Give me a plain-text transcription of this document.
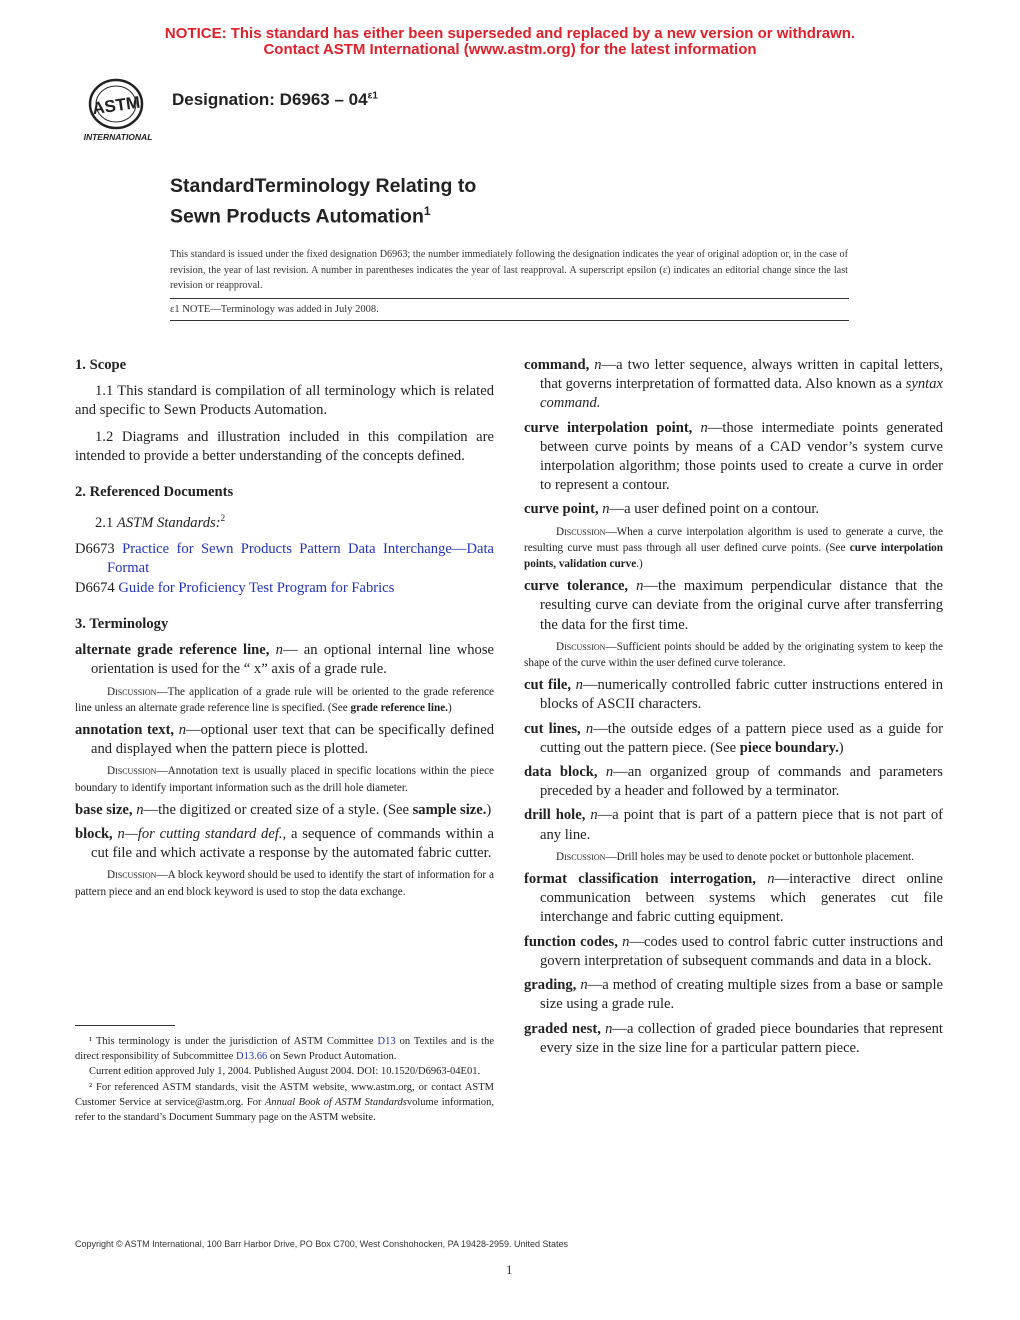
NOTICE: This standard has either been superseded and replaced by a new version or withdrawn.
Contact ASTM International (www.astm.org) for the latest information
ASTM
INTERNATIONAL
Designation: $D6963 - 04^{\varepsilon 1}$
StandardTerminology Relating to
Sewn Products Automation$^1$
This standard is issued under the fixed designation D6963; the number immediately following the designation indicates the year of original adoption or, in the case of revision, the year of last revision. A number in parentheses indicates the year of last reapproval. A superscript epsilon (ε) indicates an editorial change since the last revision or reapproval.
ε1 NOTE—Terminology was added in July 2008.
1. Scope
1.1 This standard is compilation of all terminology which is related and specific to Sewn Products Automation.
1.2 Diagrams and illustration included in this compilation are intended to provide a better understanding of the concepts defined.
2. Referenced Documents
2.1 ASTM Standards:$^2$
D6673 Practice for Sewn Products Pattern Data Interchange—Data Format
D6674 Guide for Proficiency Test Program for Fabrics
3. Terminology
alternate grade reference line, n— an optional internal line whose orientation is used for the “ x” axis of a grade rule.
Discussion—The application of a grade rule will be oriented to the grade reference line unless an alternate grade reference line is specified. (See grade reference line.)
annotation text, n—optional user text that can be specifically defined and displayed when the pattern piece is plotted.
Discussion—Annotation text is usually placed in specific locations within the piece boundary to identify important information such as the drill hole diameter.
base size, n—the digitized or created size of a style. (See sample size.)
block, n—for cutting standard def., a sequence of commands within a cut file and which activate a response by the automated fabric cutter.
Discussion—A block keyword should be used to identify the start of information for a pattern piece and an end block keyword is used to stop the data exchange.
command, n—a two letter sequence, always written in capital letters, that governs interpretation of formatted data. Also known as a syntax command.
curve interpolation point, n—those intermediate points generated between curve points by means of a CAD vendor’s system curve interpolation algorithm; those points used to create a curve in order to represent a contour.
curve point, n—a user defined point on a contour.
Discussion—When a curve interpolation algorithm is used to generate a curve, the resulting curve must pass through all user defined curve points. (See curve interpolation points, validation curve.)
curve tolerance, n—the maximum perpendicular distance that the resulting curve can deviate from the original curve after transferring the data for the first time.
Discussion—Sufficient points should be added by the originating system to keep the shape of the curve within the user defined curve tolerance.
cut file, n—numerically controlled fabric cutter instructions entered in blocks of ASCII characters.
cut lines, n—the outside edges of a pattern piece used as a guide for cutting out the pattern piece. (See piece boundary.)
data block, n—an organized group of commands and parameters preceded by a header and followed by a terminator.
drill hole, n—a point that is part of a pattern piece that is not part of any line.
Discussion—Drill holes may be used to denote pocket or buttonhole placement.
format classification interrogation, n—interactive direct online communication between systems which generates cut file interchange and fabric cutting equipment.
function codes, n—codes used to control fabric cutter instructions and govern interpretation of subsequent commands and data in a block.
grading, n—a method of creating multiple sizes from a base or sample size using a grade rule.
graded nest, n—a collection of graded piece boundaries that represent every size in the size line for a particular pattern piece.

¹ This terminology is under the jurisdiction of ASTM Committee D13 on Textiles and is the direct responsibility of Subcommittee D13.66 on Sewn Product Automation.

Current edition approved July 1, 2004. Published August 2004. DOI: 10.1520/D6963-04E01.

² For referenced ASTM standards, visit the ASTM website, www.astm.org, or contact ASTM Customer Service at service@astm.org. For Annual Book of ASTM Standardsvolume information, refer to the standard’s Document Summary page on the ASTM website.

Copyright © ASTM International, 100 Barr Harbor Drive, PO Box C700, West Conshohocken, PA 19428-2959. United States
1
